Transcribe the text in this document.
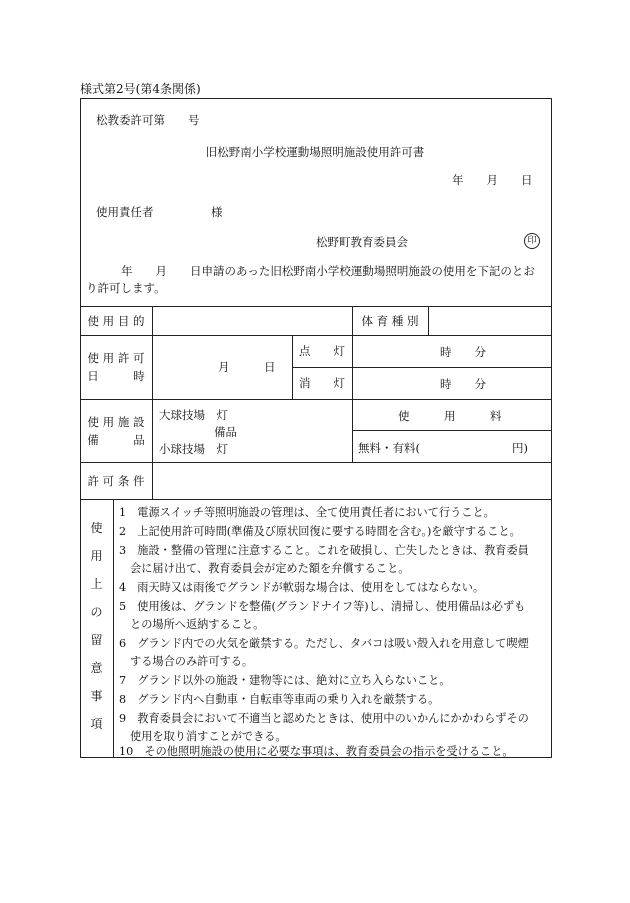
様式第2号(第4条関係)
松教委許可第　　号
旧松野南小学校運動場照明施設使用許可書
年　　月　　日
使用責任者　　　　　様
松野町教育委員会	印
年　　月　　日申請のあった旧松野南小学校運動場照明施設の使用を下記のとお
り許可します。
使 用 目 的	体 育 種 別
使 用 許 可
日　　　時
月　　　日
点　　灯
消　　灯
時　　分
時　　分
使 用 施 設
備　　　品
大球技場　灯
備品
小球技場　灯
使　　　用　　　料
無料・有料(　　　　　　　　円)
許 可 条 件
使
用
上
の
留
意
事
項
1　電源スイッチ等照明施設の管理は、全て使用責任者において行うこと。
2　上記使用許可時間(準備及び原状回復に要する時間を含む。)を厳守すること。
3　施設・整備の管理に注意すること。これを破損し、亡失したときは、教育委員
会に届け出て、教育委員会が定めた額を弁償すること。
4　雨天時又は雨後でグランドが軟弱な場合は、使用をしてはならない。
5　使用後は、グランドを整備(グランドナイフ等)し、清掃し、使用備品は必ずも
との場所へ返納すること。
6　グランド内での火気を厳禁する。ただし、タバコは吸い殻入れを用意して喫煙
する場合のみ許可する。
7　グランド以外の施設・建物等には、絶対に立ち入らないこと。
8　グランド内へ自動車・自転車等車両の乗り入れを厳禁する。
9　教育委員会において不適当と認めたときは、使用中のいかんにかかわらずその
使用を取り消すことができる。
10　その他照明施設の使用に必要な事項は、教育委員会の指示を受けること。
